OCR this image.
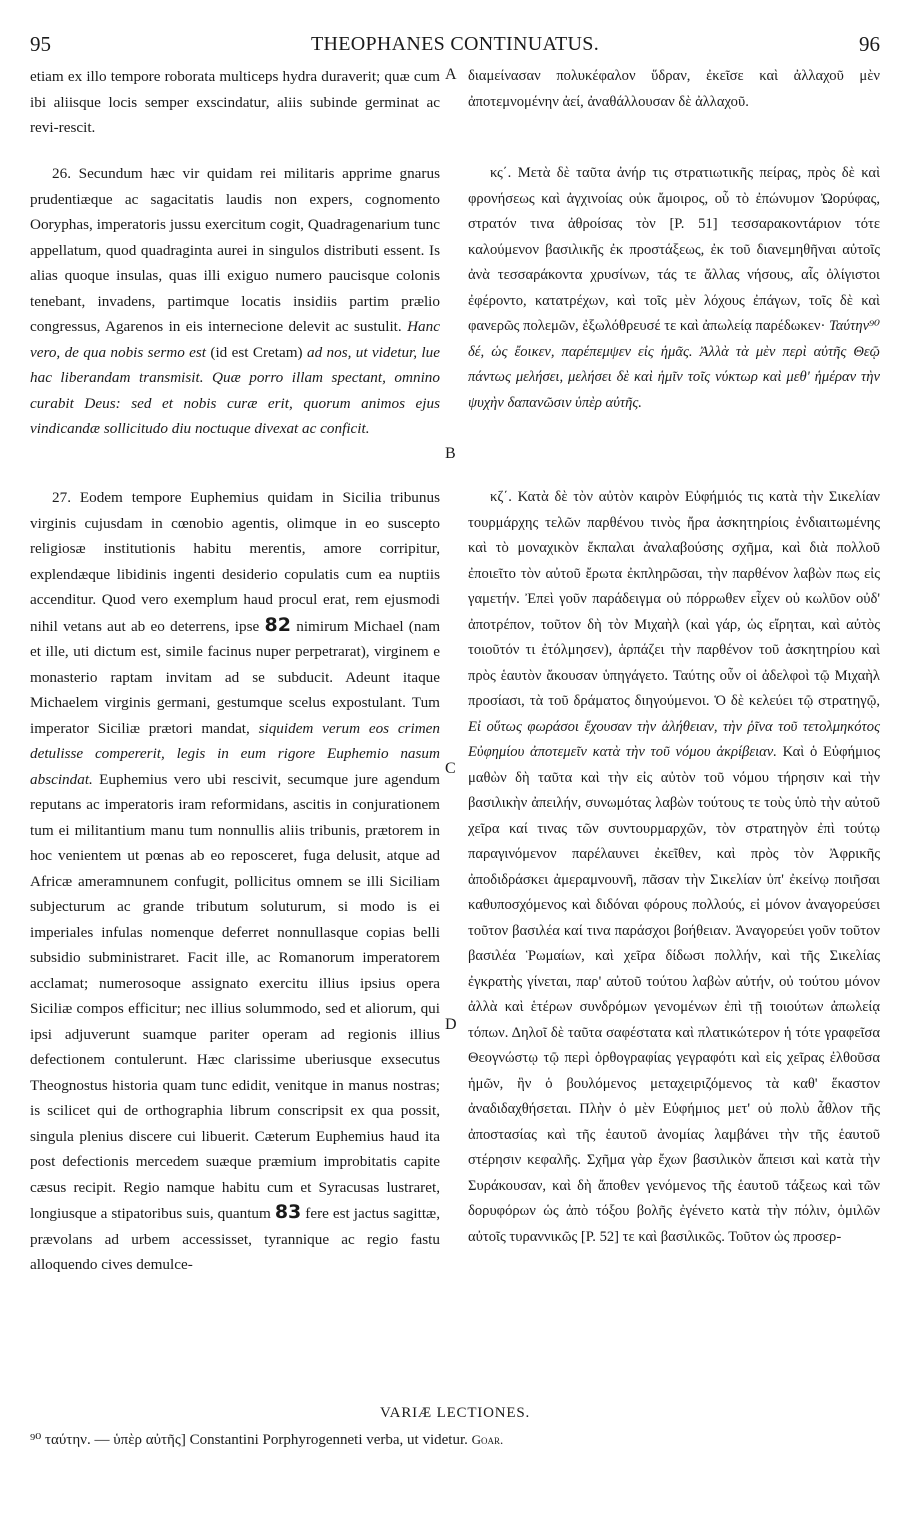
95	THEOPHANES CONTINUATUS.	96

etiam ex illo tempore roborata multiceps hydra duraverit; quæ cum ibi aliisque locis semper exscindatur, aliis subinde germinat ac revi-rescit.

26. Secundum hæc vir quidam rei militaris apprime gnarus prudentiæque ac sagacitatis laudis non expers, cognomento Ooryphas, imperatoris jussu exercitum cogit, Quadragenarium tunc appellatum, quod quadraginta aurei in singulos distributi essent. Is alias quoque insulas, quas illi exiguo numero paucisque colonis tenebant, invadens, partimque locatis insidiis partim prælio congressus, Agarenos in eis internecione delevit ac sustulit. Hanc vero, de qua nobis sermo est (id est Cretam) ad nos, ut videtur, lue hac liberandam transmisit. Quæ porro illam spectant, omnino curabit Deus: sed et nobis curæ erit, quorum animos ejus vindicandæ sollicitudo diu noctuque divexat ac conficit.

27. Eodem tempore Euphemius quidam in Sicilia tribunus virginis cujusdam in cœnobio agentis, olimque in eo suscepto religiosæ institutionis habitu merentis, amore corripitur, explendæque libidinis ingenti desiderio copulatis cum ea nuptiis accenditur. Quod vero exemplum haud procul erat, rem ejusmodi nihil vetans aut ab eo deterrens, ipse 82 nimirum Michael (nam et ille, uti dictum est, simile facinus nuper perpetrarat), virginem e monasterio raptam invitam ad se subducit. Adeunt itaque Michaelem virginis germani, gestumque scelus expostulant. Tum imperator Siciliæ prætori mandat, siquidem verum eos crimen detulisse compererit, legis in eum rigore Euphemio nasum abscindat. Euphemius vero ubi rescivit, secumque jure agendum reputans ac imperatoris iram reformidans, ascitis in conjurationem tum ei militantium manu tum nonnullis aliis tribunis, prætorem in hoc venientem ut pœnas ab eo reposceret, fuga delusit, atque ad Africæ ameramnunem confugit, pollicitus omnem se illi Siciliam subjecturum ac grande tributum soluturum, si modo is ei imperiales infulas nomenque deferret nonnullasque copias belli subsidio subministraret. Facit ille, ac Romanorum imperatorem acclamat; numerosoque assignato exercitu illius ipsius opera Siciliæ compos efficitur; nec illius solummodo, sed et aliorum, qui ipsi adjuverunt suamque pariter operam ad regionis illius defectionem contulerunt. Hæc clarissime uberiusque exsecutus Theognostus historia quam tunc edidit, venitque in manus nostras; is scilicet qui de orthographia librum conscripsit ex qua possit, singula plenius discere cui libuerit. Cæterum Euphemius haud ita post defectionis mercedem suæque præmium improbitatis capite cæsus recipit. Regio namque habitu cum et Syracusas lustraret, longiusque a stipatoribus suis, quantum 83 fere est jactus sagittæ, prævolans ad urbem accessisset, tyrannique ac regio fastu alloquendo cives demulce-

A
B
C
D

διαμείνασαν πολυκέφαλον ὕδραν, ἐκεῖσε καὶ ἀλλαχοῦ μὲν ἀποτεμνομένην ἀεί, ἀναθάλλουσαν δὲ ἀλλαχοῦ.

κς΄. Μετὰ δὲ ταῦτα ἀνήρ τις στρατιωτικῆς πείρας, πρὸς δὲ καὶ φρονήσεως καὶ ἀγχινοίας οὐκ ἄμοιρος, οὗ τὸ ἐπώνυμον Ὠορύφας, στρατόν τινα ἀθροίσας τὸν [P. 51] τεσσαρακοντάριον τότε καλούμενον βασιλικῆς ἐκ προστάξεως, ἐκ τοῦ διανεμηθῆναι αὐτοῖς ἀνὰ τεσσαράκοντα χρυσίνων, τάς τε ἄλλας νήσους, αἷς ὀλίγιστοι ἐφέροντο, κατατρέχων, καὶ τοῖς μὲν λόχους ἐπάγων, τοῖς δὲ καὶ φανερῶς πολεμῶν, ἐξωλόθρευσέ τε καὶ ἀπωλείᾳ παρέδωκεν· Ταύτην⁹⁰ δέ, ὡς ἔοικεν, παρέπεμψεν εἰς ἡμᾶς. Ἀλλὰ τὰ μὲν περὶ αὐτῆς Θεῷ πάντως μελήσει, μελήσει δὲ καὶ ἡμῖν τοῖς νύκτωρ καὶ μεθ' ἡμέραν τὴν ψυχὴν δαπανῶσιν ὑπὲρ αὐτῆς.

κζ΄. Κατὰ δὲ τὸν αὐτὸν καιρὸν Εὐφήμιός τις κατὰ τὴν Σικελίαν τουρμάρχης τελῶν παρθένου τινὸς ἤρα ἀσκητηρίοις ἐνδιαιτωμένης καὶ τὸ μοναχικὸν ἔκπαλαι ἀναλαβούσης σχῆμα, καὶ διὰ πολλοῦ ἐποιεῖτο τὸν αὐτοῦ ἔρωτα ἐκπληρῶσαι, τὴν παρθένον λαβὼν πως εἰς γαμετήν. Ἐπεὶ γοῦν παράδειγμα οὐ πόρρωθεν εἶχεν οὐ κωλῦον οὐδ' ἀποτρέπον, τοῦτον δὴ τὸν Μιχαὴλ (καὶ γάρ, ὡς εἴρηται, καὶ αὐτὸς τοιοῦτόν τι ἐτόλμησεν), ἁρπάζει τὴν παρθένον τοῦ ἀσκητηρίου καὶ πρὸς ἑαυτὸν ἄκουσαν ὑπηγάγετο. Ταύτης οὖν οἱ ἀδελφοὶ τῷ Μιχαὴλ προσίασι, τὰ τοῦ δράματος διηγούμενοι. Ὁ δὲ κελεύει τῷ στρατηγῷ, Εἰ οὕτως φωράσοι ἔχουσαν τὴν ἀλήθειαν, τὴν ῥῖνα τοῦ τετολμηκότος Εὐφημίου ἀποτεμεῖν κατὰ τὴν τοῦ νόμου ἀκρίβειαν. Καὶ ὁ Εὐφήμιος μαθὼν δὴ ταῦτα καὶ τὴν εἰς αὐτὸν τοῦ νόμου τήρησιν καὶ τὴν βασιλικὴν ἀπειλήν, συνωμότας λαβὼν τούτους τε τοὺς ὑπὸ τὴν αὐτοῦ χεῖρα καί τινας τῶν συντουρμαρχῶν, τὸν στρατηγὸν ἐπὶ τούτῳ παραγινόμενον παρέλαυνει ἐκεῖθεν, καὶ πρὸς τὸν Ἀφρικῆς ἀποδιδράσκει ἀμεραμνουνῆ, πᾶσαν τὴν Σικελίαν ὑπ' ἐκείνῳ ποιῆσαι καθυποσχόμενος καὶ διδόναι φόρους πολλούς, εἰ μόνον ἀναγορεύσει τοῦτον βασιλέα καί τινα παράσχοι βοήθειαν. Ἀναγορεύει γοῦν τοῦτον βασιλέα Ῥωμαίων, καὶ χεῖρα δίδωσι πολλήν, καὶ τῆς Σικελίας ἐγκρατὴς γίνεται, παρ' αὐτοῦ τούτου λαβὼν αὐτήν, οὐ τούτου μόνον ἀλλὰ καὶ ἑτέρων συνδρόμων γενομένων ἐπὶ τῇ τοιούτων ἀπωλείᾳ τόπων. Δηλοῖ δὲ ταῦτα σαφέστατα καὶ πλατικώτερον ἡ τότε γραφεῖσα Θεογνώστῳ τῷ περὶ ὀρθογραφίας γεγραφότι καὶ εἰς χεῖρας ἐλθοῦσα ἡμῶν, ἣν ὁ βουλόμενος μεταχειριζόμενος τὰ καθ' ἕκαστον ἀναδιδαχθήσεται. Πλὴν ὁ μὲν Εὐφήμιος μετ' οὐ πολὺ ἆθλον τῆς ἀποστασίας καὶ τῆς ἑαυτοῦ ἀνομίας λαμβάνει τὴν τῆς ἑαυτοῦ στέρησιν κεφαλῆς. Σχῆμα γὰρ ἔχων βασιλικὸν ἄπεισι καὶ κατὰ τὴν Συράκουσαν, καὶ δὴ ἄποθεν γενόμενος τῆς ἑαυτοῦ τάξεως καὶ τῶν δορυφόρων ὡς ἀπὸ τόξου βολῆς ἐγένετο κατὰ τὴν πόλιν, ὁμιλῶν αὐτοῖς τυραννικῶς [P. 52] τε καὶ βασιλικῶς. Τοῦτον ὡς προσερ-

VARIÆ LECTIONES.
⁹⁰ ταύτην. — ὑπὲρ αὐτῆς] Constantini Porphyrogenneti verba, ut videtur. Goar.
